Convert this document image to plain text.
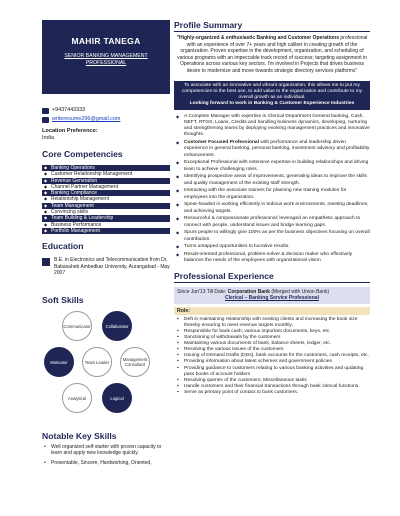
MAHIR TANEGA
SENIOR BANKING MANAGEMENT
PROFESSIONAL
+9437443333
writeresume296@gmail.com
Location Preference:
India
Core Competencies
◆ Banking Operations
◆ Customer Relationship Management
◆ Revenue Generation
◆ Channel Partner Management
◆ Banking Compliance
◆ Relationship Management
◆ Team Management
◆ Convincing skills
◆ Team Building & Leadership
◆ Business Performance
◆ Portfolio Management
Education
B.E. in Electronics and Telecommunication from Dr. Babasaheb Ambedkar University, Aurangabad - May 2007
Soft Skills
Communicator	Collaborator
Motivator	Team Leader	Management Consultant
Analytical	Logical
Notable Key Skills
• Well organized self-starter with proven capacity to learn and apply new knowledge quickly.
• Presentable, Sincere, Hardworking, Oriented,
Profile Summary
"Highly-organized & enthusiastic Banking and Customer Operations professional with an experience of over 7+ years and high caliber in creating growth of the organization. Proven expertise in the development, organization, and scheduling of various programs with an impeccable track record of success; targeting assignment in Operations across various key sectors. I'm involved in Projects that drives business desire to modernize and move towards strategic directory services platforms"
To associate with an innovative and vibrant organization, this allows me to put my competencies to the best use, to add value to the organization and contribute to my overall growth as an individual.
Looking forward to work in Banking & Customer Experience Industries
◆ A Complete Manager with expertise in Clerical Department General banking, Cash, NEFT, RTGS, Loans, Credits and handling business dynamics, developing, nurturing and strengthening teams by deploying evolving management practices and innovative thoughts.
◆ Customer Focused Professional with performance and leadership driven experience in general banking, personal banking, investment advisory and profitability enhancement.
◆ Exceptional Professional with extensive expertise in building relationships and driving team to achieve challenging roles.
◆ Identifying prospective areas of improvements, generating ideas to improve the skills and quality management of the existing staff strength.
◆ Interacting with the associate trainers for planning new training modules for employees into the organization.
◆ Spear-headed in working efficiently in tedious work environments, meeting deadlines, and achieving targets.
◆ Resourceful & compassionate professional; leveraged an empathetic approach to connect with people, understand issues and bridge learning gaps.
◆ Spurs people to willingly give 100% as per the business objectives focusing on overall contribution.
◆ Turns untapped opportunities to lucrative results.
◆ Result-oriented professional, problem-solver & decision maker who effectively balances the needs of the employees with organizational vision
Professional Experience
Since Jun'13 Till Date: Corporation Bank (Merged with Union Bank)
Clerical – Banking Service Professional
Role:
▪ Deft in maintaining relationship with existing clients and increasing the book size thereby ensuring to meet revenue targets monthly.
▪ Responsible for bank cash, various important documents, keys, etc.
▪ Sanctioning of withdrawals by the customers
▪ Maintaining various documents of bank, balance sheets, ledger, etc.
▪ Resolving the various issues of the customers
▪ Issuing of Demand Drafts (DDs), bank accounts for the customers, cash receipts, etc.
▪ Providing information about latest schemes and government policies
▪ Providing guidance to customers relating to various banking activities and updating pass books of account holders
▪ Resolving queries of the customers; Miscellaneous tasks
▪ Handle customers and their financial transactions through bank clerical functions.
▪ Serve as primary point of contact to bank customers.
